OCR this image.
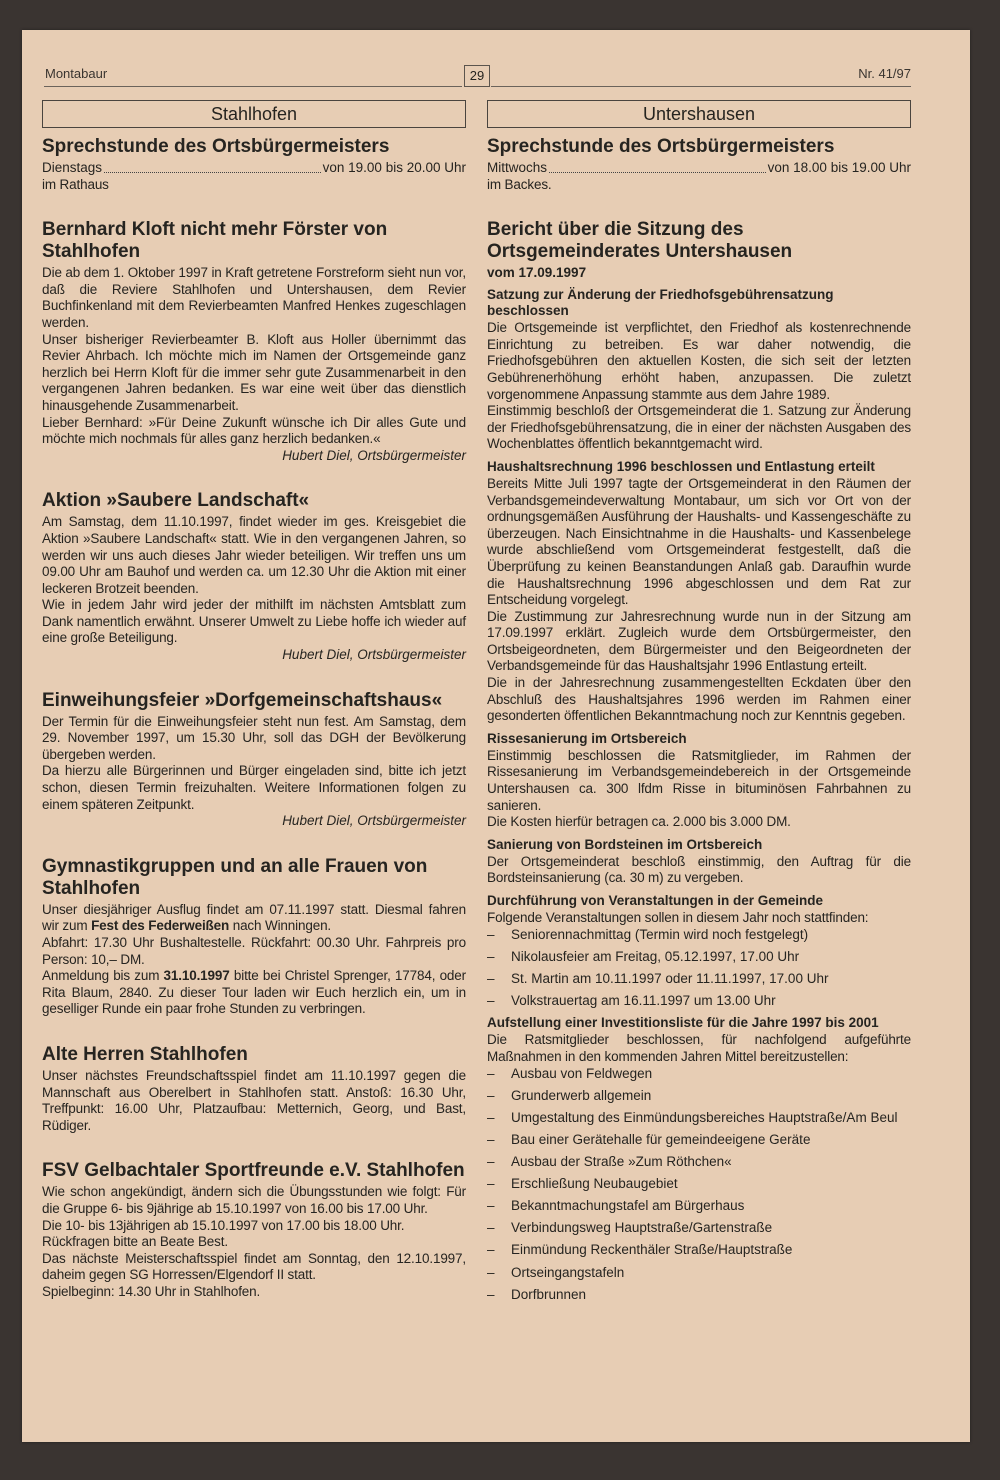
Montabaur	29	Nr. 41/97
Stahlhofen
Sprechstunde des Ortsbürgermeisters
Dienstags	von 19.00 bis 20.00 Uhr

im Rathaus

Bernhard Kloft nicht mehr Förster von Stahlhofen

Die ab dem 1. Oktober 1997 in Kraft getretene Forstreform sieht nun vor, daß die Reviere Stahlhofen und Untershausen, dem Revier Buchfinkenland mit dem Revierbeamten Manfred Henkes zugeschlagen werden.

Unser bisheriger Revierbeamter B. Kloft aus Holler übernimmt das Revier Ahrbach. Ich möchte mich im Namen der Ortsgemeinde ganz herzlich bei Herrn Kloft für die immer sehr gute Zusammenarbeit in den vergangenen Jahren bedanken. Es war eine weit über das dienstlich hinausgehende Zusammenarbeit.

Lieber Bernhard: »Für Deine Zukunft wünsche ich Dir alles Gute und möchte mich nochmals für alles ganz herzlich bedanken.«

Hubert Diel, Ortsbürgermeister
Aktion »Saubere Landschaft«

Am Samstag, dem 11.10.1997, findet wieder im ges. Kreisgebiet die Aktion »Saubere Landschaft« statt. Wie in den vergangenen Jahren, so werden wir uns auch dieses Jahr wieder beteiligen. Wir treffen uns um 09.00 Uhr am Bauhof und werden ca. um 12.30 Uhr die Aktion mit einer leckeren Brotzeit beenden.

Wie in jedem Jahr wird jeder der mithilft im nächsten Amtsblatt zum Dank namentlich erwähnt. Unserer Umwelt zu Liebe hoffe ich wieder auf eine große Beteiligung.

Hubert Diel, Ortsbürgermeister
Einweihungsfeier »Dorfgemeinschaftshaus«

Der Termin für die Einweihungsfeier steht nun fest. Am Samstag, dem 29. November 1997, um 15.30 Uhr, soll das DGH der Bevölkerung übergeben werden.

Da hierzu alle Bürgerinnen und Bürger eingeladen sind, bitte ich jetzt schon, diesen Termin freizuhalten. Weitere Informationen folgen zu einem späteren Zeitpunkt.

Hubert Diel, Ortsbürgermeister
Gymnastikgruppen und an alle Frauen von Stahlhofen

Unser diesjähriger Ausflug findet am 07.11.1997 statt. Diesmal fahren wir zum Fest des Federweißen nach Winningen.

Abfahrt: 17.30 Uhr Bushaltestelle. Rückfahrt: 00.30 Uhr. Fahrpreis pro Person: 10,– DM.

Anmeldung bis zum 31.10.1997 bitte bei Christel Sprenger, 17784, oder Rita Blaum, 2840. Zu dieser Tour laden wir Euch herzlich ein, um in geselliger Runde ein paar frohe Stunden zu verbringen.

Alte Herren Stahlhofen

Unser nächstes Freundschaftsspiel findet am 11.10.1997 gegen die Mannschaft aus Oberelbert in Stahlhofen statt. Anstoß: 16.30 Uhr, Treffpunkt: 16.00 Uhr, Platzaufbau: Metternich, Georg, und Bast, Rüdiger.

FSV Gelbachtaler Sportfreunde e.V. Stahlhofen

Wie schon angekündigt, ändern sich die Übungsstunden wie folgt: Für die Gruppe 6- bis 9jährige ab 15.10.1997 von 16.00 bis 17.00 Uhr.

Die 10- bis 13jährigen ab 15.10.1997 von 17.00 bis 18.00 Uhr.

Rückfragen bitte an Beate Best.

Das nächste Meisterschaftsspiel findet am Sonntag, den 12.10.1997, daheim gegen SG Horressen/Elgendorf II statt.

Spielbeginn: 14.30 Uhr in Stahlhofen.

Untershausen
Sprechstunde des Ortsbürgermeisters
Mittwochs	von 18.00 bis 19.00 Uhr

im Backes.

Bericht über die Sitzung des Ortsgemeinderates Untershausen
vom 17.09.1997
Satzung zur Änderung der Friedhofsgebührensatzung beschlossen

Die Ortsgemeinde ist verpflichtet, den Friedhof als kostenrechnende Einrichtung zu betreiben. Es war daher notwendig, die Friedhofsgebühren den aktuellen Kosten, die sich seit der letzten Gebührenerhöhung erhöht haben, anzupassen. Die zuletzt vorgenommene Anpassung stammte aus dem Jahre 1989.

Einstimmig beschloß der Ortsgemeinderat die 1. Satzung zur Änderung der Friedhofsgebührensatzung, die in einer der nächsten Ausgaben des Wochenblattes öffentlich bekanntgemacht wird.

Haushaltsrechnung 1996 beschlossen und Entlastung erteilt

Bereits Mitte Juli 1997 tagte der Ortsgemeinderat in den Räumen der Verbandsgemeindeverwaltung Montabaur, um sich vor Ort von der ordnungsgemäßen Ausführung der Haushalts- und Kassengeschäfte zu überzeugen. Nach Einsichtnahme in die Haushalts- und Kassenbelege wurde abschließend vom Ortsgemeinderat festgestellt, daß die Überprüfung zu keinen Beanstandungen Anlaß gab. Daraufhin wurde die Haushaltsrechnung 1996 abgeschlossen und dem Rat zur Entscheidung vorgelegt.

Die Zustimmung zur Jahresrechnung wurde nun in der Sitzung am 17.09.1997 erklärt. Zugleich wurde dem Ortsbürgermeister, den Ortsbeigeordneten, dem Bürgermeister und den Beigeordneten der Verbandsgemeinde für das Haushaltsjahr 1996 Entlastung erteilt.

Die in der Jahresrechnung zusammengestellten Eckdaten über den Abschluß des Haushaltsjahres 1996 werden im Rahmen einer gesonderten öffentlichen Bekanntmachung noch zur Kenntnis gegeben.

Rissesanierung im Ortsbereich

Einstimmig beschlossen die Ratsmitglieder, im Rahmen der Rissesanierung im Verbandsgemeindebereich in der Ortsgemeinde Untershausen ca. 300 lfdm Risse in bituminösen Fahrbahnen zu sanieren.

Die Kosten hierfür betragen ca. 2.000 bis 3.000 DM.

Sanierung von Bordsteinen im Ortsbereich

Der Ortsgemeinderat beschloß einstimmig, den Auftrag für die Bordsteinsanierung (ca. 30 m) zu vergeben.

Durchführung von Veranstaltungen in der Gemeinde

Folgende Veranstaltungen sollen in diesem Jahr noch stattfinden:

– Seniorennachmittag (Termin wird noch festgelegt)
– Nikolausfeier am Freitag, 05.12.1997, 17.00 Uhr
– St. Martin am 10.11.1997 oder 11.11.1997, 17.00 Uhr
– Volkstrauertag am 16.11.1997 um 13.00 Uhr
Aufstellung einer Investitionsliste für die Jahre 1997 bis 2001

Die Ratsmitglieder beschlossen, für nachfolgend aufgeführte Maßnahmen in den kommenden Jahren Mittel bereitzustellen:

– Ausbau von Feldwegen
– Grunderwerb allgemein
– Umgestaltung des Einmündungsbereiches Hauptstraße/Am Beul
– Bau einer Gerätehalle für gemeindeeigene Geräte
– Ausbau der Straße »Zum Röthchen«
– Erschließung Neubaugebiet
– Bekanntmachungstafel am Bürgerhaus
– Verbindungsweg Hauptstraße/Gartenstraße
– Einmündung Reckenthäler Straße/Hauptstraße
– Ortseingangstafeln
– Dorfbrunnen
